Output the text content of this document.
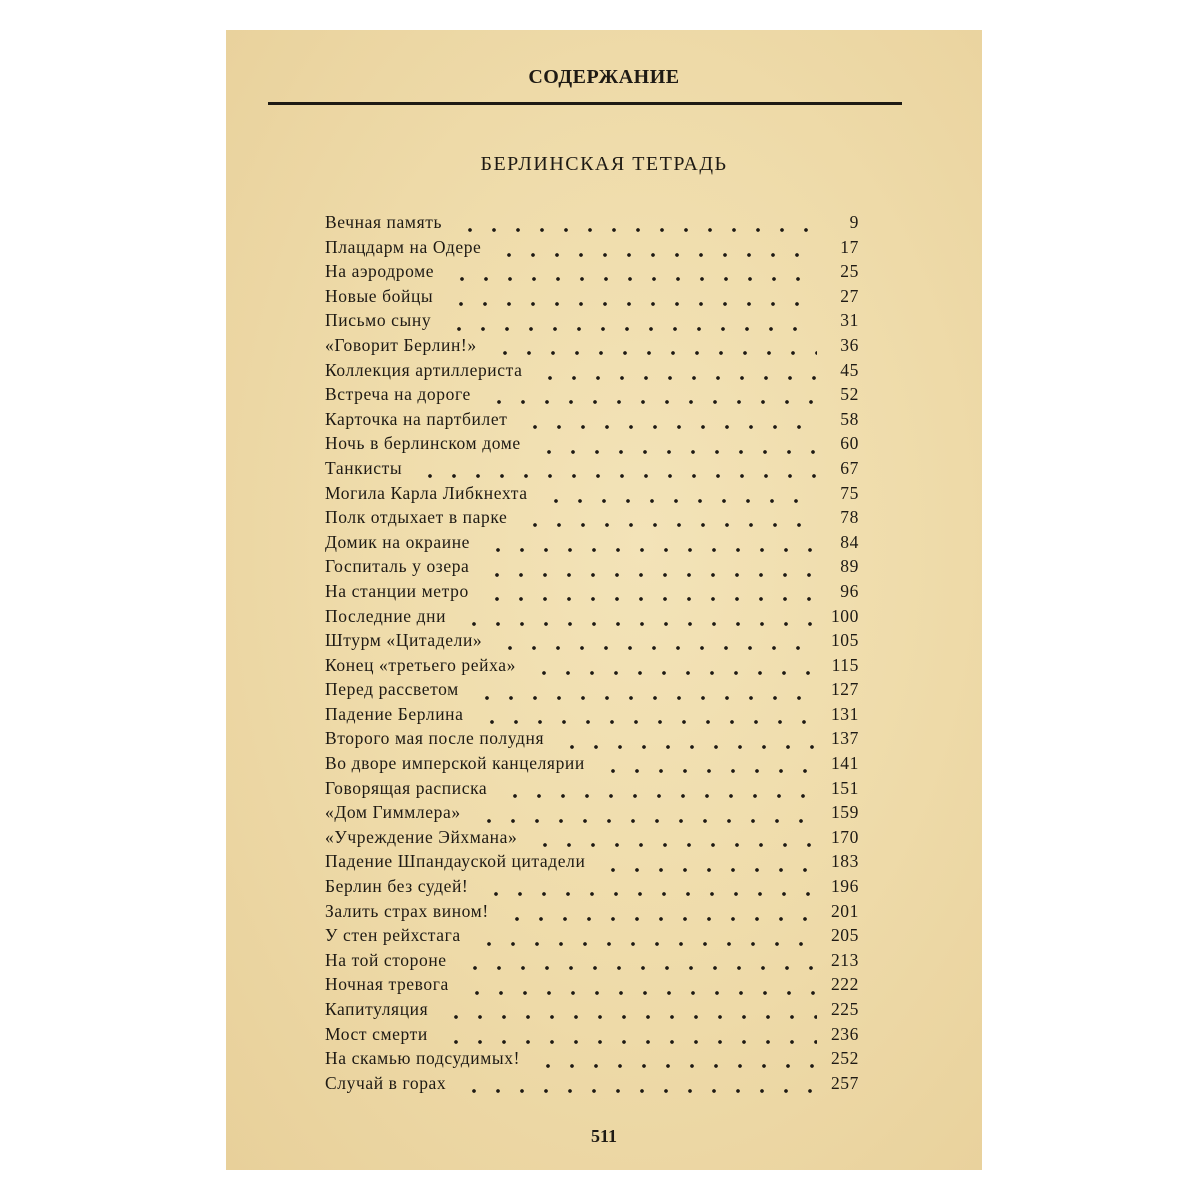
СОДЕРЖАНИЕ
БЕРЛИНСКАЯ ТЕТРАДЬ
Вечная память	9
Плацдарм на Одере	17
На аэродроме	25
Новые бойцы	27
Письмо сыну	31
«Говорит Берлин!»	36
Коллекция артиллериста	45
Встреча на дороге	52
Карточка на партбилет	58
Ночь в берлинском доме	60
Танкисты	67
Могила Карла Либкнехта	75
Полк отдыхает в парке	78
Домик на окраине	84
Госпиталь у озера	89
На станции метро	96
Последние дни	100
Штурм «Цитадели»	105
Конец «третьего рейха»	115
Перед рассветом	127
Падение Берлина	131
Второго мая после полудня	137
Во дворе имперской канцелярии	141
Говорящая расписка	151
«Дом Гиммлера»	159
«Учреждение Эйхмана»	170
Падение Шпандауской цитадели	183
Берлин без судей!	196
Залить страх вином!	201
У стен рейхстага	205
На той стороне	213
Ночная тревога	222
Капитуляция	225
Мост смерти	236
На скамью подсудимых!	252
Случай в горах	257
511
